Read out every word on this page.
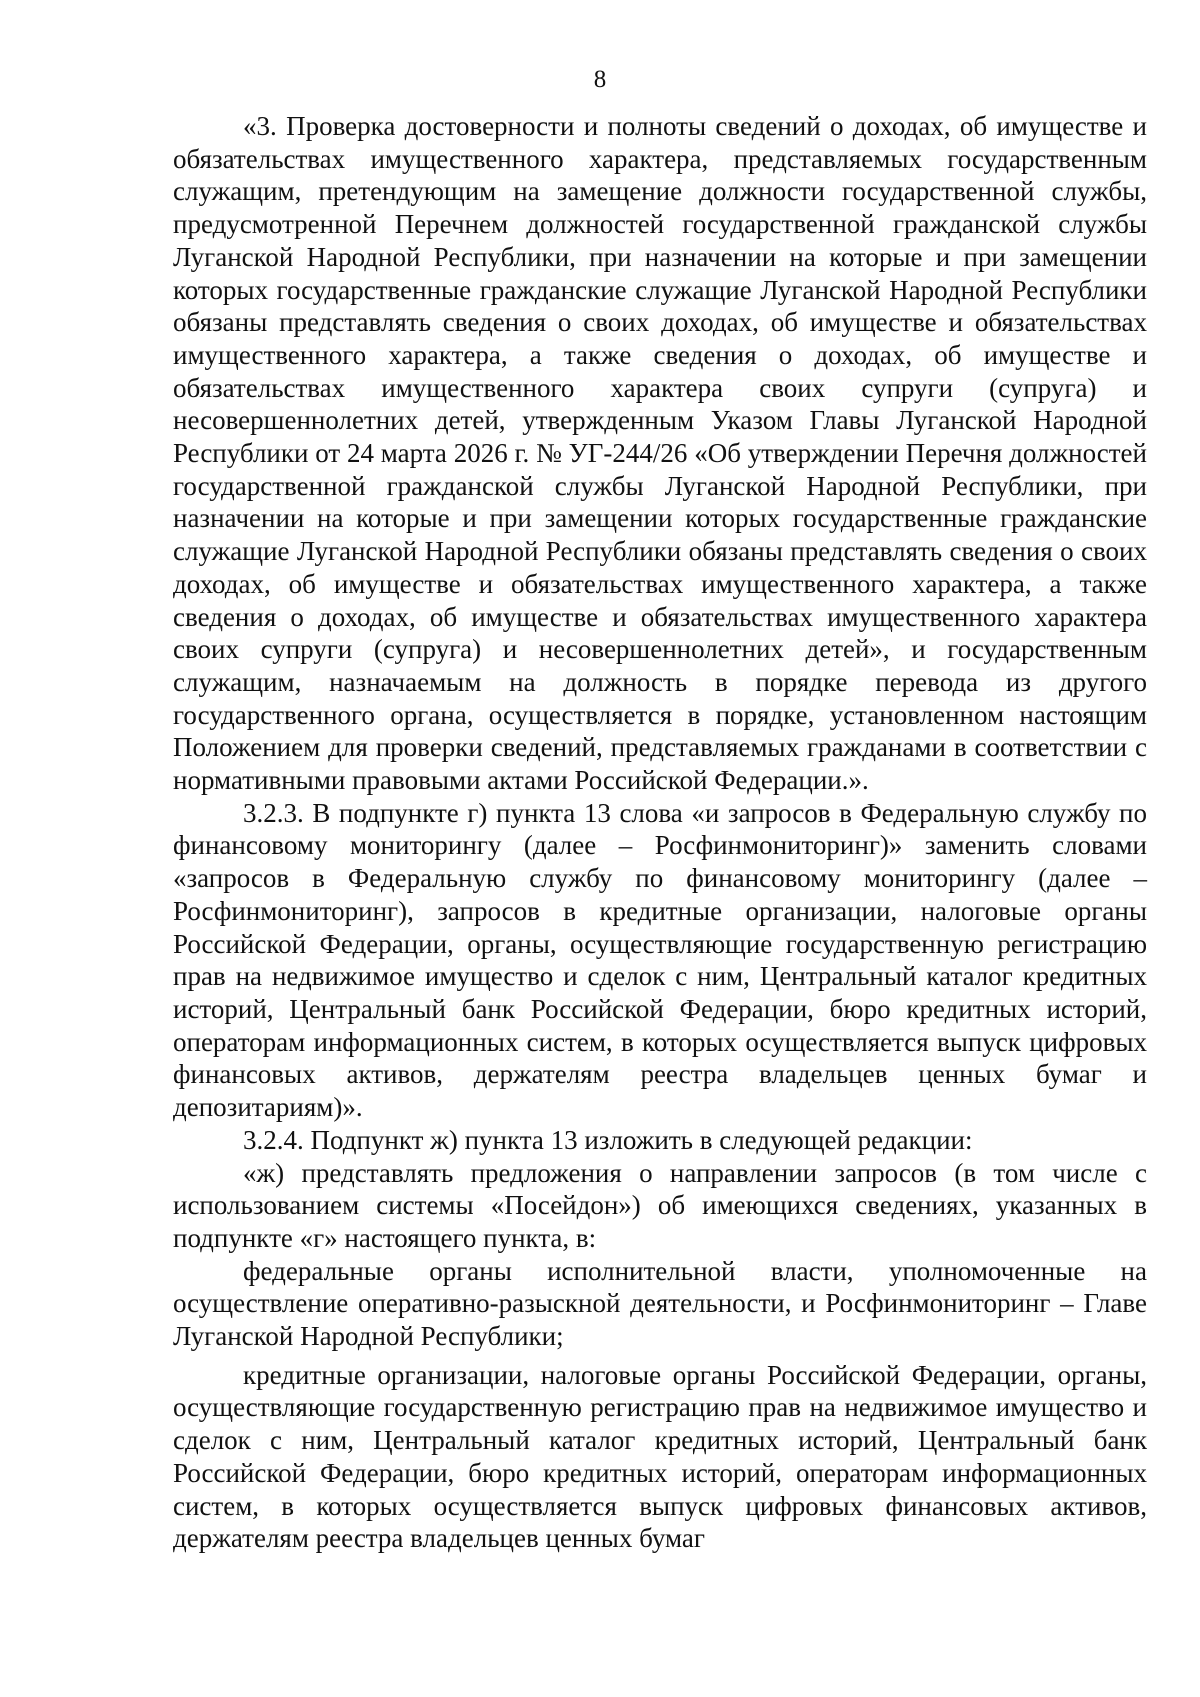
8

«3. Проверка достоверности и полноты сведений о доходах, об имуществе и обязательствах имущественного характера, представляемых государственным служащим, претендующим на замещение должности государственной службы, предусмотренной Перечнем должностей государственной гражданской службы Луганской Народной Республики, при назначении на которые и при замещении которых государственные гражданские служащие Луганской Народной Республики обязаны представлять сведения о своих доходах, об имуществе и обязательствах имущественного характера, а также сведения о доходах, об имуществе и обязательствах имущественного характера своих супруги (супруга) и несовершеннолетних детей, утвержденным Указом Главы Луганской Народной Республики от 24 марта 2026 г. № УГ-244/26 «Об утверждении Перечня должностей государственной гражданской службы Луганской Народной Республики, при назначении на которые и при замещении которых государственные гражданские служащие Луганской Народной Республики обязаны представлять сведения о своих доходах, об имуществе и обязательствах имущественного характера, а также сведения о доходах, об имуществе и обязательствах имущественного характера своих супруги (супруга) и несовершеннолетних детей», и государственным служащим, назначаемым на должность в порядке перевода из другого государственного органа, осуществляется в порядке, установленном настоящим Положением для проверки сведений, представляемых гражданами в соответствии с нормативными правовыми актами Российской Федерации.».

3.2.3. В подпункте г) пункта 13 слова «и запросов в Федеральную службу по финансовому мониторингу (далее – Росфинмониторинг)» заменить словами «запросов в Федеральную службу по финансовому мониторингу (далее – Росфинмониторинг), запросов в кредитные организации, налоговые органы Российской Федерации, органы, осуществляющие государственную регистрацию прав на недвижимое имущество и сделок с ним, Центральный каталог кредитных историй, Центральный банк Российской Федерации, бюро кредитных историй, операторам информационных систем, в которых осуществляется выпуск цифровых финансовых активов, держателям реестра владельцев ценных бумаг и депозитариям)».

3.2.4. Подпункт ж) пункта 13 изложить в следующей редакции:

«ж) представлять предложения о направлении запросов (в том числе с использованием системы «Посейдон») об имеющихся сведениях, указанных в подпункте «г» настоящего пункта, в:

федеральные органы исполнительной власти, уполномоченные на осуществление оперативно-разыскной деятельности, и Росфинмониторинг – Главе Луганской Народной Республики;

кредитные организации, налоговые органы Российской Федерации, органы, осуществляющие государственную регистрацию прав на недвижимое имущество и сделок с ним, Центральный каталог кредитных историй, Центральный банк Российской Федерации, бюро кредитных историй, операторам информационных систем, в которых осуществляется выпуск цифровых финансовых активов, держателям реестра владельцев ценных бумаг
